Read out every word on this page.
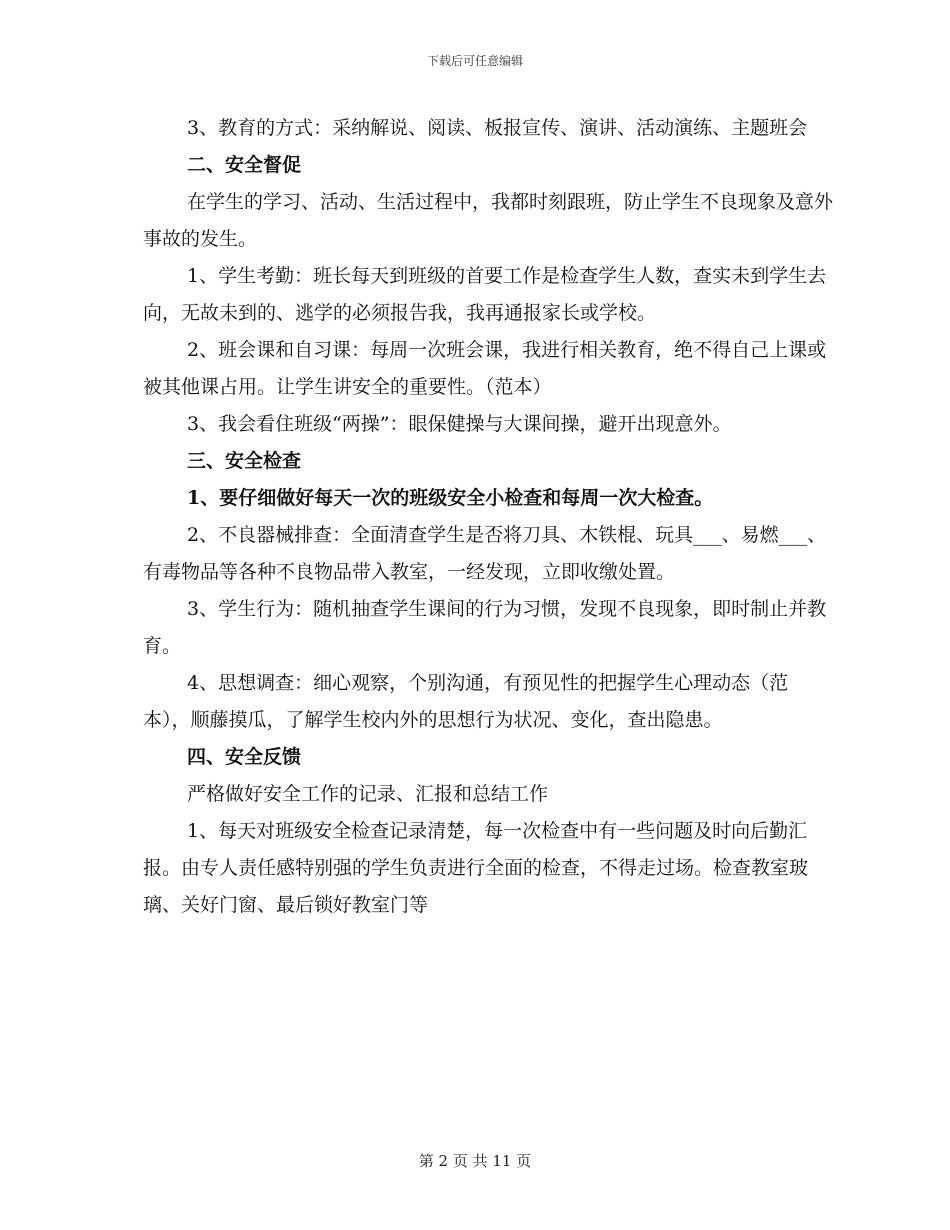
下载后可任意编辑

3、教育的方式：采纳解说、阅读、板报宣传、演讲、活动演练、主题班会

二、安全督促

在学生的学习、活动、生活过程中，我都时刻跟班，防止学生不良现象及意外事故的发生。

1、学生考勤：班长每天到班级的首要工作是检查学生人数，查实未到学生去向，无故未到的、逃学的必须报告我，我再通报家长或学校。

2、班会课和自习课：每周一次班会课，我进行相关教育，绝不得自己上课或被其他课占用。让学生讲安全的重要性。（范本）

3、我会看住班级“两操”：眼保健操与大课间操，避开出现意外。

三、安全检查

1、要仔细做好每天一次的班级安全小检查和每周一次大检查。

2、不良器械排查：全面清查学生是否将刀具、木铁棍、玩具___、易燃___、有毒物品等各种不良物品带入教室，一经发现，立即收缴处置。

3、学生行为：随机抽查学生课间的行为习惯，发现不良现象，即时制止并教育。

4、思想调查：细心观察，个别沟通，有预见性的把握学生心理动态（范本），顺藤摸瓜，了解学生校内外的思想行为状况、变化，查出隐患。

四、安全反馈

严格做好安全工作的记录、汇报和总结工作

1、每天对班级安全检查记录清楚，每一次检查中有一些问题及时向后勤汇报。由专人责任感特别强的学生负责进行全面的检查，不得走过场。检查教室玻璃、关好门窗、最后锁好教室门等

第 2 页 共 11 页
